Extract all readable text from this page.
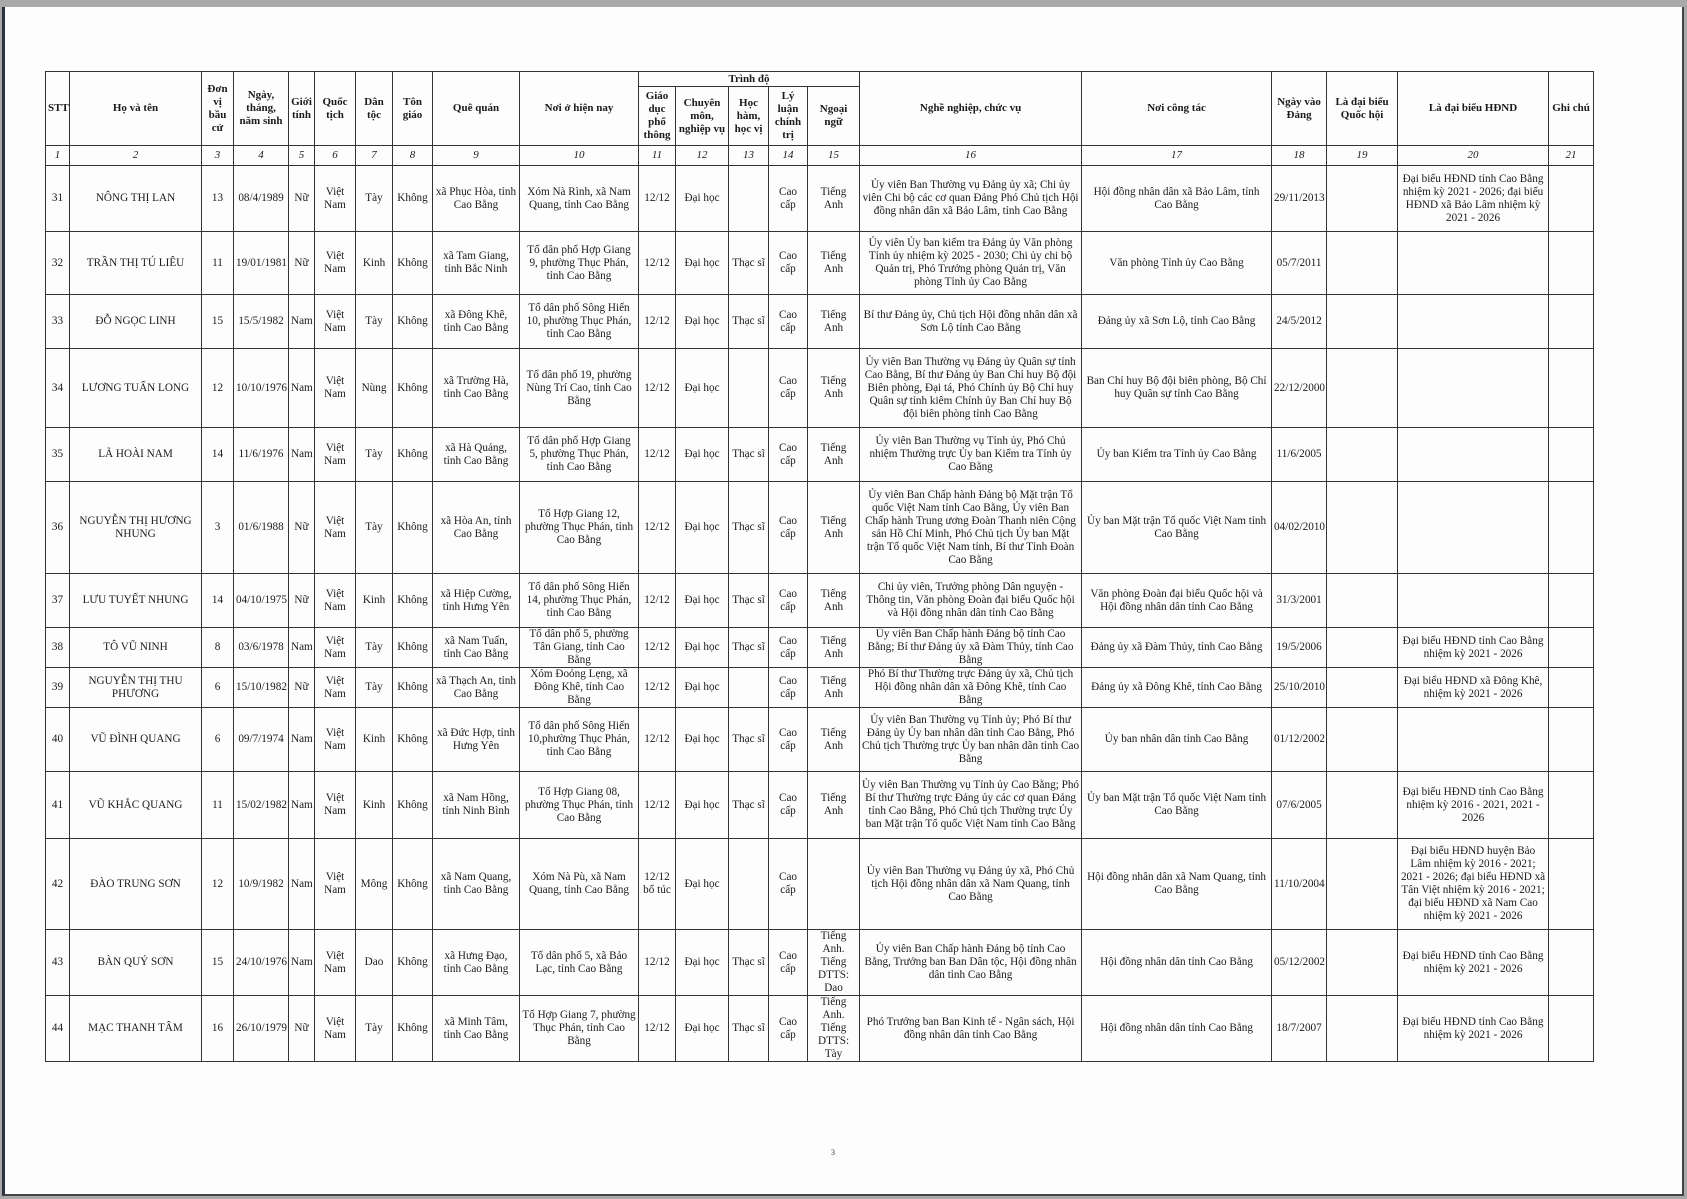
STT	Họ và tên	Đơn vị bầu cử	Ngày, tháng, năm sinh	Giới tính	Quốc tịch	Dân tộc	Tôn giáo	Quê quán	Nơi ở hiện nay	Trình độ					Nghề nghiệp, chức vụ	Nơi công tác	Ngày vào Đảng	Là đại biểu Quốc hội	Là đại biểu HĐND	Ghi chú

										Giáo dục phổ thông	Chuyên môn, nghiệp vụ	Học hàm, học vị	Lý luận chính trị	Ngoại ngữ						
1	2	3	4	5	6	7	8	9	10	11	12	13	14	15	16	17	18	19	20	21
31	NÔNG THỊ LAN	13	08/4/1989	Nữ	Việt Nam	Tày	Không	xã Phục Hòa, tỉnh Cao Bằng	Xóm Nà Rình, xã Nam Quang, tỉnh Cao Bằng	12/12	Đại học		Cao cấp	Tiếng Anh	Ủy viên Ban Thường vụ Đảng ủy xã; Chi ủy viên Chi bộ các cơ quan Đảng Phó Chủ tịch Hội đồng nhân dân xã Bảo Lâm, tỉnh Cao Bằng	Hội đồng nhân dân xã Bảo Lâm, tỉnh Cao Bằng	29/11/2013		Đại biểu HĐND tỉnh Cao Bằng nhiệm kỳ 2021 - 2026; đại biểu HĐND xã Bảo Lâm nhiệm kỳ 2021 - 2026	
32	TRẦN THỊ TÚ LIÊU	11	19/01/1981	Nữ	Việt Nam	Kinh	Không	xã Tam Giang, tỉnh Bắc Ninh	Tổ dân phố Hợp Giang 9, phường Thục Phán, tỉnh Cao Bằng	12/12	Đại học	Thạc sĩ	Cao cấp	Tiếng Anh	Ủy viên Ủy ban kiểm tra Đảng ủy Văn phòng Tỉnh ủy nhiệm kỳ 2025 - 2030; Chi ủy chi bộ Quản trị, Phó Trưởng phòng Quản trị, Văn phòng Tỉnh ủy Cao Bằng	Văn phòng Tỉnh ủy Cao Bằng	05/7/2011			
33	ĐỖ NGỌC LINH	15	15/5/1982	Nam	Việt Nam	Tày	Không	xã Đông Khê, tỉnh Cao Bằng	Tổ dân phố Sông Hiến 10, phường Thục Phán, tỉnh Cao Bằng	12/12	Đại học	Thạc sĩ	Cao cấp	Tiếng Anh	Bí thư Đảng ủy, Chủ tịch Hội đồng nhân dân xã Sơn Lộ tỉnh Cao Bằng	Đảng ủy xã Sơn Lộ, tỉnh Cao Bằng	24/5/2012			
34	LƯƠNG TUẤN LONG	12	10/10/1976	Nam	Việt Nam	Nùng	Không	xã Trường Hà, tỉnh Cao Bằng	Tổ dân phố 19, phường Nùng Trí Cao, tỉnh Cao Bằng	12/12	Đại học		Cao cấp	Tiếng Anh	Ủy viên Ban Thường vụ Đảng ủy Quân sự tỉnh Cao Bằng, Bí thư Đảng ủy Ban Chỉ huy Bộ đội Biên phòng, Đại tá, Phó Chính ủy Bộ Chỉ huy Quân sự tỉnh kiêm Chính ủy Ban Chỉ huy Bộ đội biên phòng tỉnh Cao Bằng	Ban Chỉ huy Bộ đội biên phòng, Bộ Chỉ huy Quân sự tỉnh Cao Bằng	22/12/2000			
35	LÃ HOÀI NAM	14	11/6/1976	Nam	Việt Nam	Tày	Không	xã Hà Quảng, tỉnh Cao Bằng	Tổ dân phố Hợp Giang 5, phường Thục Phán, tỉnh Cao Bằng	12/12	Đại học	Thạc sĩ	Cao cấp	Tiếng Anh	Ủy viên Ban Thường vụ Tỉnh ủy, Phó Chủ nhiệm Thường trực Ủy ban Kiểm tra Tỉnh ủy Cao Bằng	Ủy ban Kiểm tra Tỉnh ủy Cao Bằng	11/6/2005			
36	NGUYỄN THỊ HƯƠNG NHUNG	3	01/6/1988	Nữ	Việt Nam	Tày	Không	xã Hòa An, tỉnh Cao Bằng	Tổ Hợp Giang 12, phường Thục Phán, tỉnh Cao Bằng	12/12	Đại học	Thạc sĩ	Cao cấp	Tiếng Anh	Ủy viên Ban Chấp hành Đảng bộ Mặt trận Tổ quốc Việt Nam tỉnh Cao Bằng, Ủy viên Ban Chấp hành Trung ương Đoàn Thanh niên Cộng sản Hồ Chí Minh, Phó Chủ tịch Ủy ban Mặt trận Tổ quốc Việt Nam tỉnh, Bí thư Tỉnh Đoàn Cao Bằng	Ủy ban Mặt trận Tổ quốc Việt Nam tỉnh Cao Bằng	04/02/2010			
37	LƯU TUYẾT NHUNG	14	04/10/1975	Nữ	Việt Nam	Kinh	Không	xã Hiệp Cường, tỉnh Hưng Yên	Tổ dân phố Sông Hiến 14, phường Thục Phán, tỉnh Cao Bằng	12/12	Đại học	Thạc sĩ	Cao cấp	Tiếng Anh	Chi ủy viên, Trưởng phòng Dân nguyện - Thông tin, Văn phòng Đoàn đại biểu Quốc hội và Hội đồng nhân dân tỉnh Cao Bằng	Văn phòng Đoàn đại biểu Quốc hội và Hội đồng nhân dân tỉnh Cao Bằng	31/3/2001			
38	TÔ VŨ NINH	8	03/6/1978	Nam	Việt Nam	Tày	Không	xã Nam Tuấn, tỉnh Cao Bằng	Tổ dân phố 5, phường Tân Giang, tỉnh Cao Bằng	12/12	Đại học	Thạc sĩ	Cao cấp	Tiếng Anh	Ủy viên Ban Chấp hành Đảng bộ tỉnh Cao Bằng; Bí thư Đảng ủy xã Đàm Thủy, tỉnh Cao Bằng	Đảng ủy xã Đàm Thủy, tỉnh Cao Bằng	19/5/2006		Đại biểu HĐND tỉnh Cao Bằng nhiệm kỳ 2021 - 2026	
39	NGUYỄN THỊ THU PHƯƠNG	6	15/10/1982	Nữ	Việt Nam	Tày	Không	xã Thạch An, tỉnh Cao Bằng	Xóm Đoỏng Lẹng, xã Đông Khê, tỉnh Cao Bằng	12/12	Đại học		Cao cấp	Tiếng Anh	Phó Bí thư Thường trực Đảng ủy xã, Chủ tịch Hội đồng nhân dân xã Đông Khê, tỉnh Cao Bằng	Đảng ủy xã Đông Khê, tỉnh Cao Bằng	25/10/2010		Đại biểu HĐND xã Đông Khê, nhiệm kỳ 2021 - 2026	
40	VŨ ĐÌNH QUANG	6	09/7/1974	Nam	Việt Nam	Kinh	Không	xã Đức Hợp, tỉnh Hưng Yên	Tổ dân phố Sông Hiến 10,phường Thục Phán, tỉnh Cao Bằng	12/12	Đại học	Thạc sĩ	Cao cấp	Tiếng Anh	Ủy viên Ban Thường vụ Tỉnh ủy; Phó Bí thư Đảng ủy Ủy ban nhân dân tỉnh Cao Bằng, Phó Chủ tịch Thường trực Ủy ban nhân dân tỉnh Cao Bằng	Ủy ban nhân dân tỉnh Cao Bằng	01/12/2002			
41	VŨ KHẮC QUANG	11	15/02/1982	Nam	Việt Nam	Kinh	Không	xã Nam Hồng, tỉnh Ninh Bình	Tổ Hợp Giang 08, phường Thục Phán, tỉnh Cao Bằng	12/12	Đại học	Thạc sĩ	Cao cấp	Tiếng Anh	Ủy viên Ban Thường vụ Tỉnh ủy Cao Bằng; Phó Bí thư Thường trực Đảng ủy các cơ quan Đảng tỉnh Cao Bằng, Phó Chủ tịch Thường trực Ủy ban Mặt trận Tổ quốc Việt Nam tỉnh Cao Bằng	Ủy ban Mặt trận Tổ quốc Việt Nam tỉnh Cao Bằng	07/6/2005		Đại biểu HĐND tỉnh Cao Bằng nhiệm kỳ 2016 - 2021, 2021 - 2026	
42	ĐÀO TRUNG SƠN	12	10/9/1982	Nam	Việt Nam	Mông	Không	xã Nam Quang, tỉnh Cao Bằng	Xóm Nà Pù, xã Nam Quang, tỉnh Cao Bằng	12/12 bổ túc	Đại học		Cao cấp		Ủy viên Ban Thường vụ Đảng ủy xã, Phó Chủ tịch Hội đồng nhân dân xã Nam Quang, tỉnh Cao Bằng	Hội đồng nhân dân xã Nam Quang, tỉnh Cao Bằng	11/10/2004		Đại biểu HĐND huyện Bảo Lâm nhiệm kỳ 2016 - 2021; 2021 - 2026; đại biểu HĐND xã Tân Việt nhiệm kỳ 2016 - 2021; đại biểu HĐND xã Nam Cao nhiệm kỳ 2021 - 2026	
43	BÀN QUÝ SƠN	15	24/10/1976	Nam	Việt Nam	Dao	Không	xã Hưng Đạo, tỉnh Cao Bằng	Tổ dân phố 5, xã Bảo Lạc, tỉnh Cao Bằng	12/12	Đại học	Thạc sĩ	Cao cấp	Tiếng Anh. Tiếng DTTS: Dao	Ủy viên Ban Chấp hành Đảng bộ tỉnh Cao Bằng, Trưởng ban Ban Dân tộc, Hội đồng nhân dân tỉnh Cao Bằng	Hội đồng nhân dân tỉnh Cao Bằng	05/12/2002		Đại biểu HĐND tỉnh Cao Bằng nhiệm kỳ 2021 - 2026	
44	MẠC THANH TÂM	16	26/10/1979	Nữ	Việt Nam	Tày	Không	xã Minh Tâm, tỉnh Cao Bằng	Tổ Hợp Giang 7, phường Thục Phán, tỉnh Cao Bằng	12/12	Đại học	Thạc sĩ	Cao cấp	Tiếng Anh. Tiếng DTTS: Tày	Phó Trưởng ban Ban Kinh tế - Ngân sách, Hội đồng nhân dân tỉnh Cao Bằng	Hội đồng nhân dân tỉnh Cao Bằng	18/7/2007		Đại biểu HĐND tỉnh Cao Bằng nhiệm kỳ 2021 - 2026	
3
